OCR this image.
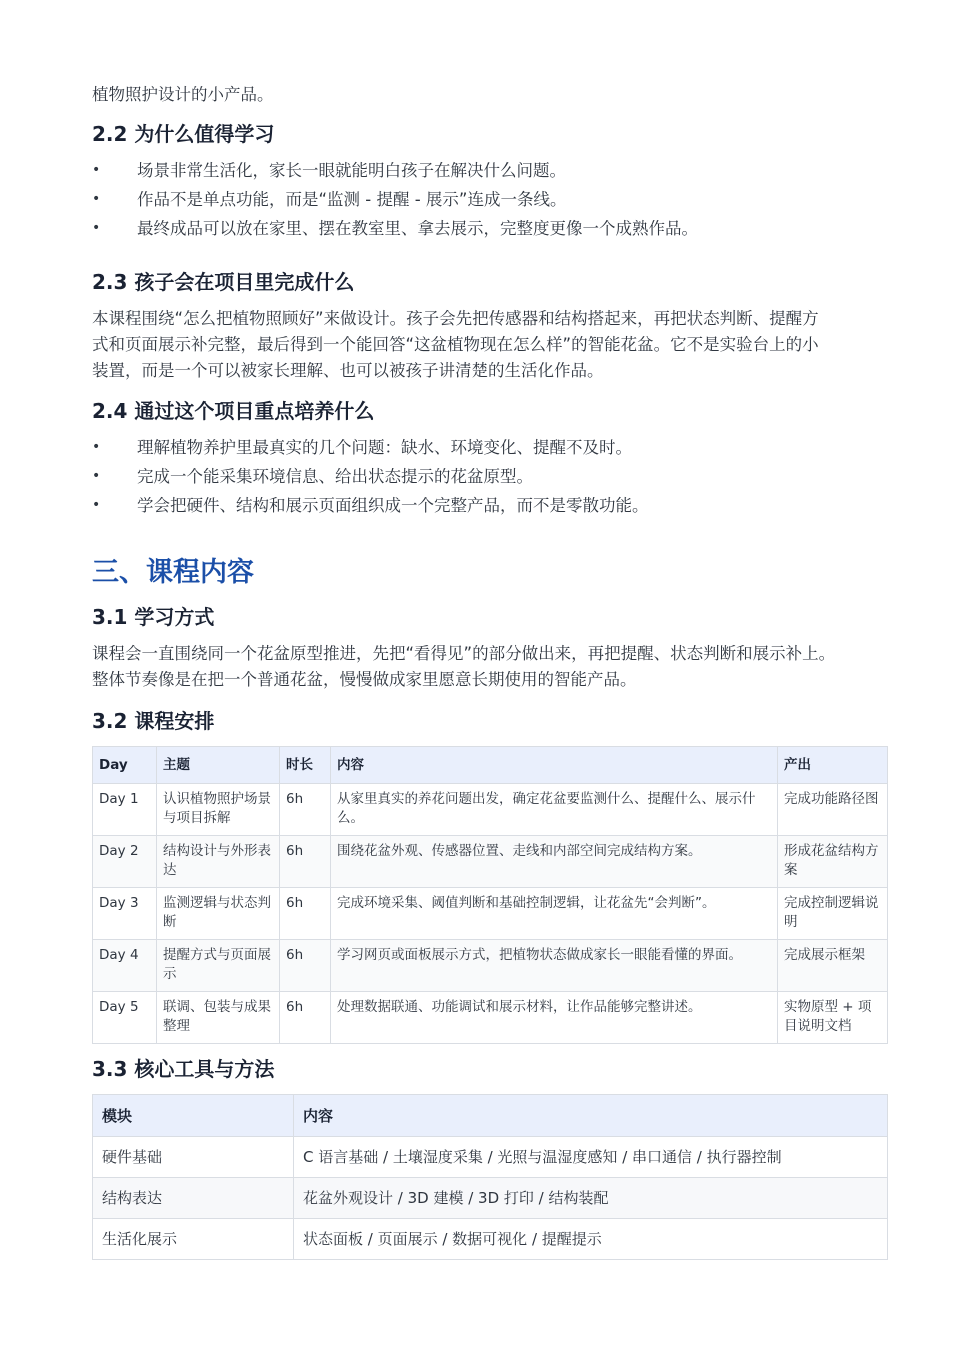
植物照护设计的小产品。

2.2 为什么值得学习
• 场景非常生活化，家长一眼就能明白孩子在解决什么问题。
• 作品不是单点功能，而是“监测 - 提醒 - 展示”连成一条线。
• 最终成品可以放在家里、摆在教室里、拿去展示，完整度更像一个成熟作品。
2.3 孩子会在项目里完成什么

本课程围绕“怎么把植物照顾好”来做设计。孩子会先把传感器和结构搭起来，再把状态判断、提醒方

式和页面展示补完整，最后得到一个能回答“这盆植物现在怎么样”的智能花盆。它不是实验台上的小

装置，而是一个可以被家长理解、也可以被孩子讲清楚的生活化作品。

2.4 通过这个项目重点培养什么
• 理解植物养护里最真实的几个问题：缺水、环境变化、提醒不及时。
• 完成一个能采集环境信息、给出状态提示的花盆原型。
• 学会把硬件、结构和展示页面组织成一个完整产品，而不是零散功能。
三、课程内容
3.1 学习方式

课程会一直围绕同一个花盆原型推进，先把“看得见”的部分做出来，再把提醒、状态判断和展示补上。

整体节奏像是在把一个普通花盆，慢慢做成家里愿意长期使用的智能产品。

3.2 课程安排
Day	主题	时长	内容	产出
Day 1	认识植物照护场景与项目拆解	6h	从家里真实的养花问题出发，确定花盆要监测什么、提醒什么、展示什么。	完成功能路径图
Day 2	结构设计与外形表达	6h	围绕花盆外观、传感器位置、走线和内部空间完成结构方案。	形成花盆结构方案
Day 3	监测逻辑与状态判断	6h	完成环境采集、阈值判断和基础控制逻辑，让花盆先“会判断”。	完成控制逻辑说明
Day 4	提醒方式与页面展示	6h	学习网页或面板展示方式，把植物状态做成家长一眼能看懂的界面。	完成展示框架
Day 5	联调、包装与成果整理	6h	处理数据联通、功能调试和展示材料，让作品能够完整讲述。	实物原型 + 项目说明文档
3.3 核心工具与方法
模块	内容
硬件基础	C 语言基础 / 土壤湿度采集 / 光照与温湿度感知 / 串口通信 / 执行器控制
结构表达	花盆外观设计 / 3D 建模 / 3D 打印 / 结构装配
生活化展示	状态面板 / 页面展示 / 数据可视化 / 提醒提示
